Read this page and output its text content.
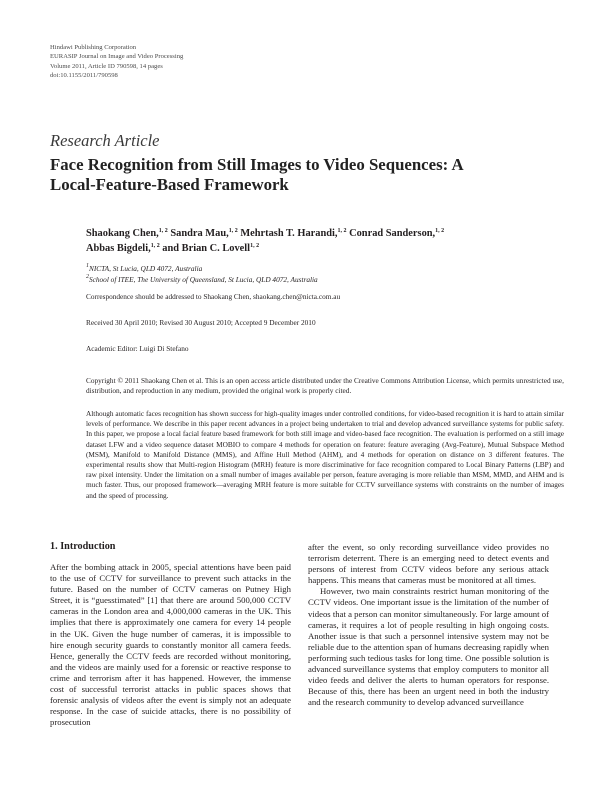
Hindawi Publishing Corporation
EURASIP Journal on Image and Video Processing
Volume 2011, Article ID 790598, 14 pages
doi:10.1155/2011/790598
Research Article
Face Recognition from Still Images to Video Sequences: A
Local-Feature-Based Framework
Shaokang Chen,$^{1, 2}$ Sandra Mau,$^{1, 2}$ Mehrtash T. Harandi,$^{1, 2}$ Conrad Sanderson,$^{1, 2}$
Abbas Bigdeli,$^{1, 2}$ and Brian C. Lovell$^{1, 2}$
$^1$NICTA, St Lucia, QLD 4072, Australia
$^2$School of ITEE, The University of Queensland, St Lucia, QLD 4072, Australia
Correspondence should be addressed to Shaokang Chen, shaokang.chen@nicta.com.au
Received 30 April 2010; Revised 30 August 2010; Accepted 9 December 2010
Academic Editor: Luigi Di Stefano
Copyright © 2011 Shaokang Chen et al. This is an open access article distributed under the Creative Commons Attribution License, which permits unrestricted use, distribution, and reproduction in any medium, provided the original work is properly cited.
Although automatic faces recognition has shown success for high-quality images under controlled conditions, for video-based recognition it is hard to attain similar levels of performance. We describe in this paper recent advances in a project being undertaken to trial and develop advanced surveillance systems for public safety. In this paper, we propose a local facial feature based framework for both still image and video-based face recognition. The evaluation is performed on a still image dataset LFW and a video sequence dataset MOBIO to compare 4 methods for operation on feature: feature averaging (Avg-Feature), Mutual Subspace Method (MSM), Manifold to Manifold Distance (MMS), and Affine Hull Method (AHM), and 4 methods for operation on distance on 3 different features. The experimental results show that Multi-region Histogram (MRH) feature is more discriminative for face recognition compared to Local Binary Patterns (LBP) and raw pixel intensity. Under the limitation on a small number of images available per person, feature averaging is more reliable than MSM, MMD, and AHM and is much faster. Thus, our proposed framework—averaging MRH feature is more suitable for CCTV surveillance systems with constraints on the number of images and the speed of processing.
1. Introduction

After the bombing attack in 2005, special attentions have been paid to the use of CCTV for surveillance to prevent such attacks in the future. Based on the number of CCTV cameras on Putney High Street, it is “guesstimated” [1] that there are around 500,000 CCTV cameras in the London area and 4,000,000 cameras in the UK. This implies that there is approximately one camera for every 14 people in the UK. Given the huge number of cameras, it is impossible to hire enough security guards to constantly monitor all camera feeds. Hence, generally the CCTV feeds are recorded without monitoring, and the videos are mainly used for a forensic or reactive response to crime and terrorism after it has happened. However, the immense cost of successful terrorist attacks in public spaces shows that forensic analysis of videos after the event is simply not an adequate response. In the case of suicide attacks, there is no possibility of prosecution

after the event, so only recording surveillance video provides no terrorism deterrent. There is an emerging need to detect events and persons of interest from CCTV videos before any serious attack happens. This means that cameras must be monitored at all times.

However, two main constraints restrict human monitoring of the CCTV videos. One important issue is the limitation of the number of videos that a person can monitor simultaneously. For large amount of cameras, it requires a lot of people resulting in high ongoing costs. Another issue is that such a personnel intensive system may not be reliable due to the attention span of humans decreasing rapidly when performing such tedious tasks for long time. One possible solution is advanced surveillance systems that employ computers to monitor all video feeds and deliver the alerts to human operators for response. Because of this, there has been an urgent need in both the industry and the research community to develop advanced surveillance
